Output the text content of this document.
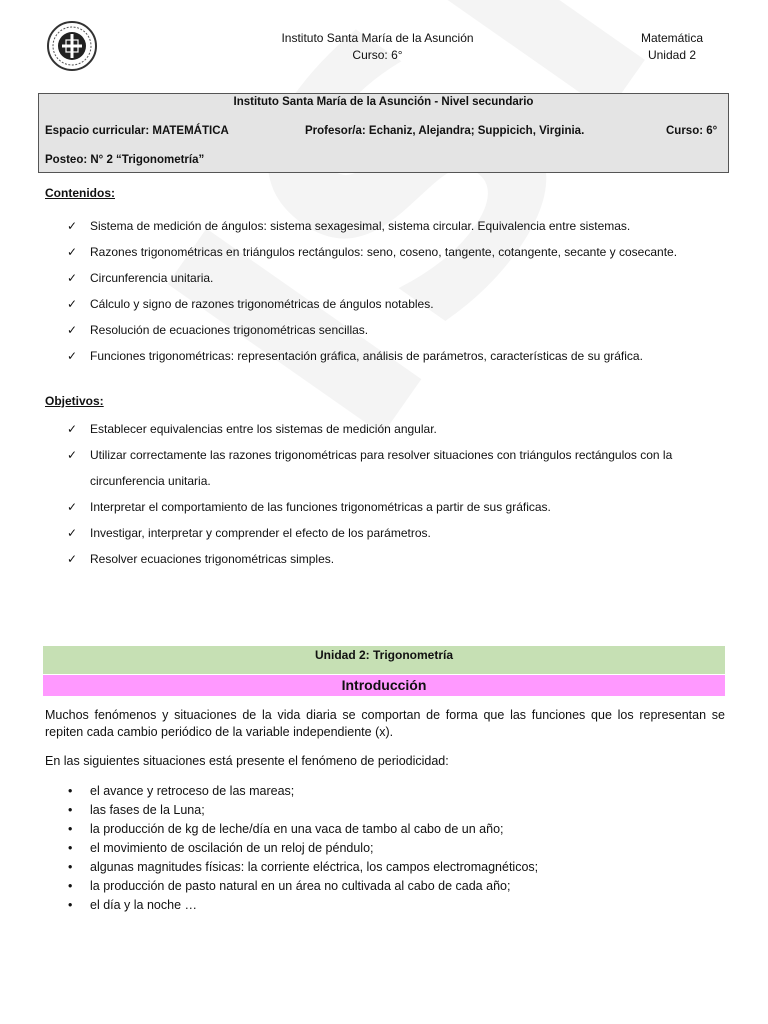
Instituto Santa María de la Asunción
Curso: 6°
Matemática
Unidad 2
Instituto Santa María de la Asunción - Nivel secundario
Espacio curricular: MATEMÁTICA	Profesor/a: Echaniz, Alejandra; Suppicich, Virginia.	Curso: 6°
Posteo: N° 2 “Trigonometría”
Contenidos:
✓ Sistema de medición de ángulos: sistema sexagesimal, sistema circular. Equivalencia entre sistemas.
✓ Razones trigonométricas en triángulos rectángulos: seno, coseno, tangente, cotangente, secante y cosecante.
✓ Circunferencia unitaria.
✓ Cálculo y signo de razones trigonométricas de ángulos notables.
✓ Resolución de ecuaciones trigonométricas sencillas.
✓ Funciones trigonométricas: representación gráfica, análisis de parámetros, características de su gráfica.
Objetivos:
✓ Establecer equivalencias entre los sistemas de medición angular.
✓ Utilizar correctamente las razones trigonométricas para resolver situaciones con triángulos rectángulos con la
circunferencia unitaria.
✓ Interpretar el comportamiento de las funciones trigonométricas a partir de sus gráficas.
✓ Investigar, interpretar y comprender el efecto de los parámetros.
✓ Resolver ecuaciones trigonométricas simples.
Unidad 2: Trigonometría
Introducción
Muchos fenómenos y situaciones de la vida diaria se comportan de forma que las funciones que los representan se repiten cada cambio periódico de la variable independiente (x).
En las siguientes situaciones está presente el fenómeno de periodicidad:
• el avance y retroceso de las mareas;
• las fases de la Luna;
• la producción de kg de leche/día en una vaca de tambo al cabo de un año;
• el movimiento de oscilación de un reloj de péndulo;
• algunas magnitudes físicas: la corriente eléctrica, los campos electromagnéticos;
• la producción de pasto natural en un área no cultivada al cabo de cada año;
• el día y la noche …
